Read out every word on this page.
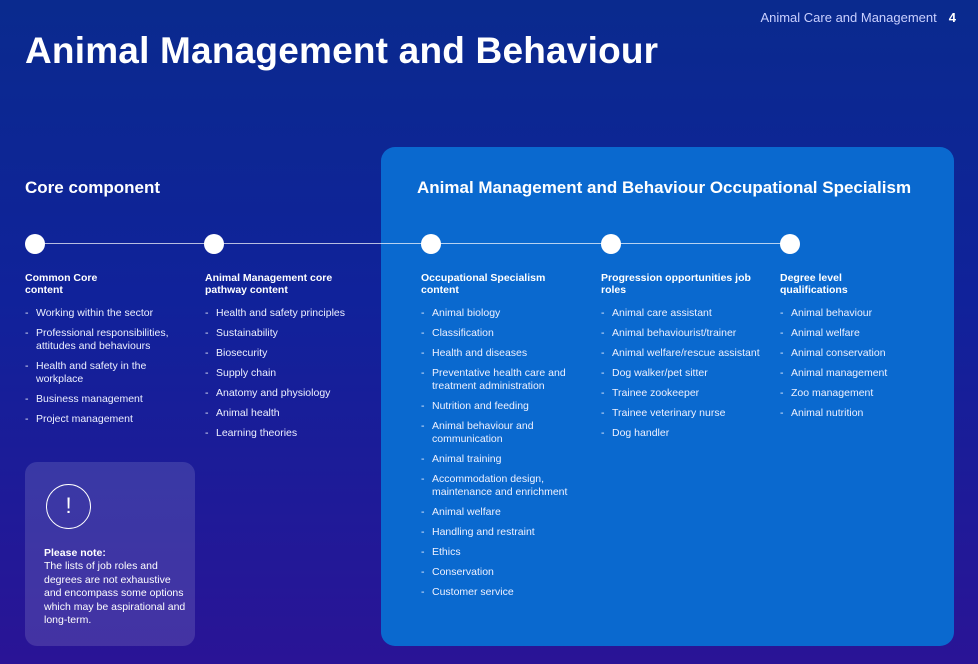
Animal Care and Management 4
Animal Management and Behaviour
Core component	Animal Management and Behaviour Occupational Specialism
Common Core content
- Working within the sector
- Professional responsibilities, attitudes and behaviours
- Health and safety in the workplace
- Business management
- Project management
Animal Management core pathway content
- Health and safety principles
- Sustainability
- Biosecurity
- Supply chain
- Anatomy and physiology
- Animal health
- Learning theories
Occupational Specialism content
- Animal biology
- Classification
- Health and diseases
- Preventative health care and treatment administration
- Nutrition and feeding
- Animal behaviour and communication
- Animal training
- Accommodation design, maintenance and enrichment
- Animal welfare
- Handling and restraint
- Ethics
- Conservation
- Customer service
Progression opportunities job roles
- Animal care assistant
- Animal behaviourist/trainer
- Animal welfare/rescue assistant
- Dog walker/pet sitter
- Trainee zookeeper
- Trainee veterinary nurse
- Dog handler
Degree level qualifications
- Animal behaviour
- Animal welfare
- Animal conservation
- Animal management
- Zoo management
- Animal nutrition
!
Please note:
The lists of job roles and degrees are not exhaustive and encompass some options which may be aspirational and long-term.
